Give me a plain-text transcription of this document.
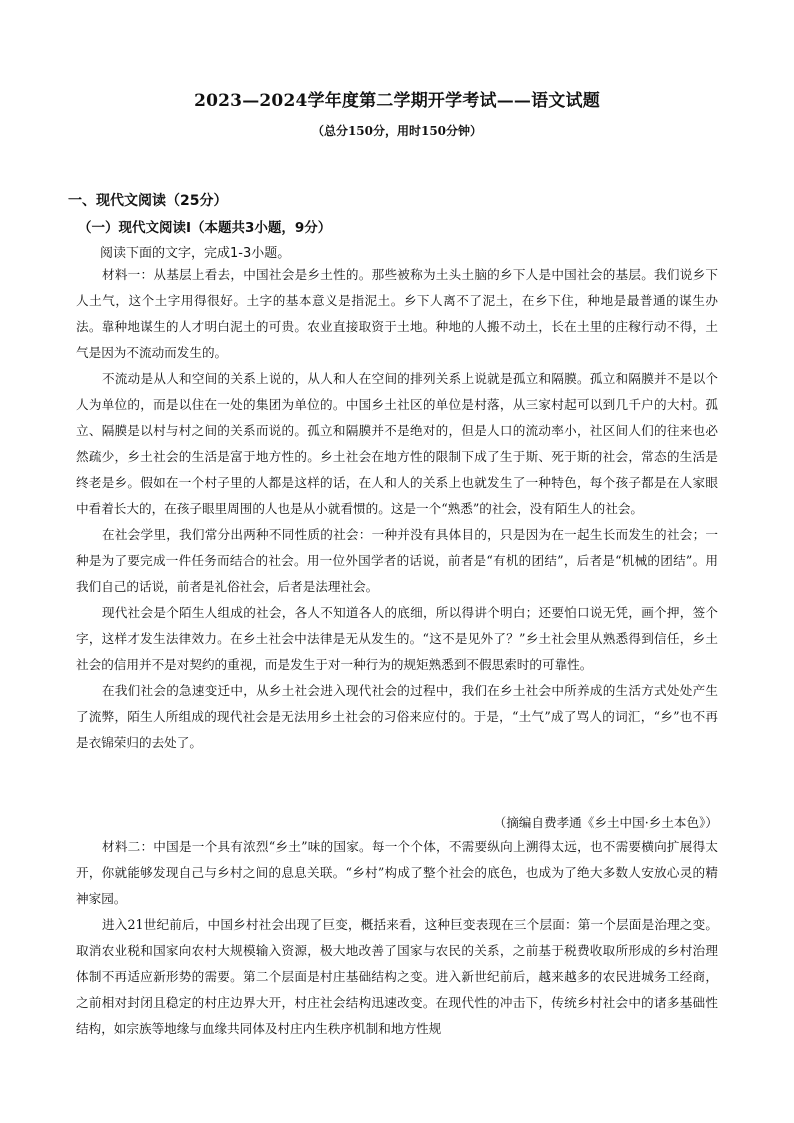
2023—2024学年度第二学期开学考试——语文试题
（总分150分，用时150分钟）
一、现代文阅读（25分）
（一）现代文阅读Ⅰ（本题共3小题，9分）
阅读下面的文字，完成1-3小题。

材料一：从基层上看去，中国社会是乡土性的。那些被称为土头土脑的乡下人是中国社会的基层。我们说乡下人土气，这个土字用得很好。土字的基本意义是指泥土。乡下人离不了泥土，在乡下住，种地是最普通的谋生办法。靠种地谋生的人才明白泥土的可贵。农业直接取资于土地。种地的人搬不动土，长在土里的庄稼行动不得，土气是因为不流动而发生的。

不流动是从人和空间的关系上说的，从人和人在空间的排列关系上说就是孤立和隔膜。孤立和隔膜并不是以个人为单位的，而是以住在一处的集团为单位的。中国乡土社区的单位是村落，从三家村起可以到几千户的大村。孤立、隔膜是以村与村之间的关系而说的。孤立和隔膜并不是绝对的，但是人口的流动率小，社区间人们的往来也必然疏少，乡土社会的生活是富于地方性的。乡土社会在地方性的限制下成了生于斯、死于斯的社会，常态的生活是终老是乡。假如在一个村子里的人都是这样的话，在人和人的关系上也就发生了一种特色，每个孩子都是在人家眼中看着长大的，在孩子眼里周围的人也是从小就看惯的。这是一个“熟悉”的社会，没有陌生人的社会。

在社会学里，我们常分出两种不同性质的社会：一种并没有具体目的，只是因为在一起生长而发生的社会；一种是为了要完成一件任务而结合的社会。用一位外国学者的话说，前者是“有机的团结”，后者是“机械的团结”。用我们自己的话说，前者是礼俗社会，后者是法理社会。

现代社会是个陌生人组成的社会，各人不知道各人的底细，所以得讲个明白；还要怕口说无凭，画个押，签个字，这样才发生法律效力。在乡土社会中法律是无从发生的。“这不是见外了？”乡土社会里从熟悉得到信任，乡土社会的信用并不是对契约的重视，而是发生于对一种行为的规矩熟悉到不假思索时的可靠性。

在我们社会的急速变迁中，从乡土社会进入现代社会的过程中，我们在乡土社会中所养成的生活方式处处产生了流弊，陌生人所组成的现代社会是无法用乡土社会的习俗来应付的。于是，“土气”成了骂人的词汇，“乡”也不再是衣锦荣归的去处了。

（摘编自费孝通《乡土中国·乡土本色》）

材料二：中国是一个具有浓烈“乡土”味的国家。每一个个体，不需要纵向上溯得太远，也不需要横向扩展得太开，你就能够发现自己与乡村之间的息息关联。“乡村”构成了整个社会的底色，也成为了绝大多数人安放心灵的精神家园。

进入21世纪前后，中国乡村社会出现了巨变，概括来看，这种巨变表现在三个层面：第一个层面是治理之变。取消农业税和国家向农村大规模输入资源，极大地改善了国家与农民的关系，之前基于税费收取所形成的乡村治理体制不再适应新形势的需要。第二个层面是村庄基础结构之变。进入新世纪前后，越来越多的农民进城务工经商，之前相对封闭且稳定的村庄边界大开，村庄社会结构迅速改变。在现代性的冲击下，传统乡村社会中的诸多基础性结构，如宗族等地缘与血缘共同体及村庄内生秩序机制和地方性规
